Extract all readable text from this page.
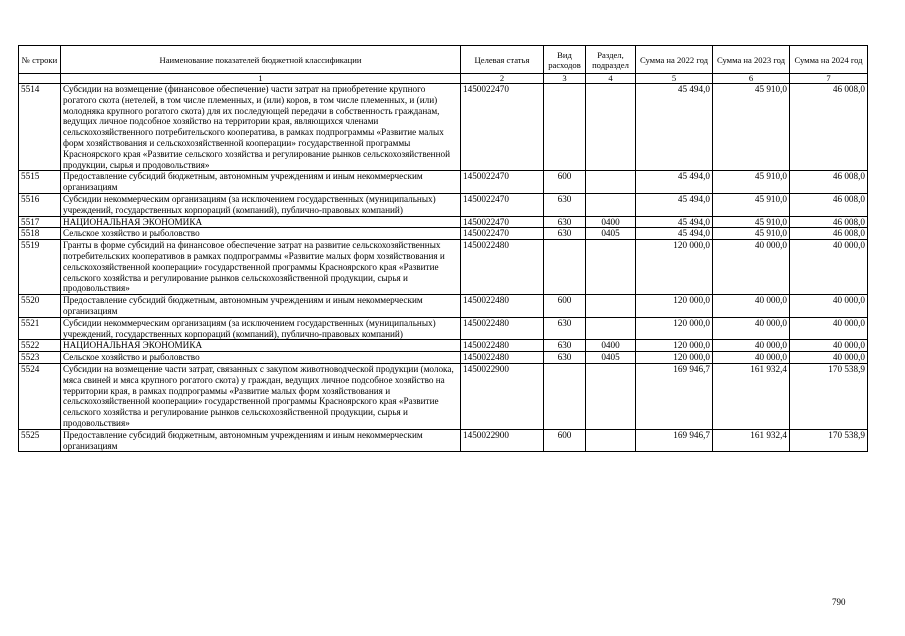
№ строки	Наименование показателей бюджетной классификации	Целевая статья	Вид расходов	Раздел, подраздел	Сумма на 2022 год	Сумма на 2023 год	Сумма на 2024 год
	1	2	3	4	5	6	7
5514	Субсидии на возмещение (финансовое обеспечение) части затрат на приобретение крупного рогатого скота (нетелей, в том числе племенных, и (или) коров, в том числе племенных, и (или) молодняка крупного рогатого скота) для их последующей передачи в собственность гражданам, ведущих личное подсобное хозяйство на территории края, являющихся членами сельскохозяйственного потребительского кооператива, в рамках подпрограммы «Развитие малых форм хозяйствования и сельскохозяйственной кооперации» государственной программы Красноярского края «Развитие сельского хозяйства и регулирование рынков сельскохозяйственной продукции, сырья и продовольствия»	1450022470			45 494,0	45 910,0	46 008,0
5515	Предоставление субсидий бюджетным, автономным учреждениям и иным некоммерческим организациям	1450022470	600		45 494,0	45 910,0	46 008,0
5516	Субсидии некоммерческим организациям (за исключением государственных (муниципальных) учреждений, государственных корпораций (компаний), публично-правовых компаний)	1450022470	630		45 494,0	45 910,0	46 008,0
5517	НАЦИОНАЛЬНАЯ ЭКОНОМИКА	1450022470	630	0400	45 494,0	45 910,0	46 008,0
5518	Сельское хозяйство и рыболовство	1450022470	630	0405	45 494,0	45 910,0	46 008,0
5519	Гранты в форме субсидий на финансовое обеспечение затрат на развитие сельскохозяйственных потребительских кооперативов в рамках подпрограммы «Развитие малых форм хозяйствования и сельскохозяйственной кооперации» государственной программы Красноярского края «Развитие сельского хозяйства и регулирование рынков сельскохозяйственной продукции, сырья и продовольствия»	1450022480			120 000,0	40 000,0	40 000,0
5520	Предоставление субсидий бюджетным, автономным учреждениям и иным некоммерческим организациям	1450022480	600		120 000,0	40 000,0	40 000,0
5521	Субсидии некоммерческим организациям (за исключением государственных (муниципальных) учреждений, государственных корпораций (компаний), публично-правовых компаний)	1450022480	630		120 000,0	40 000,0	40 000,0
5522	НАЦИОНАЛЬНАЯ ЭКОНОМИКА	1450022480	630	0400	120 000,0	40 000,0	40 000,0
5523	Сельское хозяйство и рыболовство	1450022480	630	0405	120 000,0	40 000,0	40 000,0
5524	Субсидии на возмещение части затрат, связанных с закупом животноводческой продукции (молока, мяса свиней и мяса крупного рогатого скота) у граждан, ведущих личное подсобное хозяйство на территории края, в рамках подпрограммы «Развитие малых форм хозяйствования и сельскохозяйственной кооперации» государственной программы Красноярского края «Развитие сельского хозяйства и регулирование рынков сельскохозяйственной продукции, сырья и продовольствия»	1450022900			169 946,7	161 932,4	170 538,9
5525	Предоставление субсидий бюджетным, автономным учреждениям и иным некоммерческим организациям	1450022900	600		169 946,7	161 932,4	170 538,9
790
